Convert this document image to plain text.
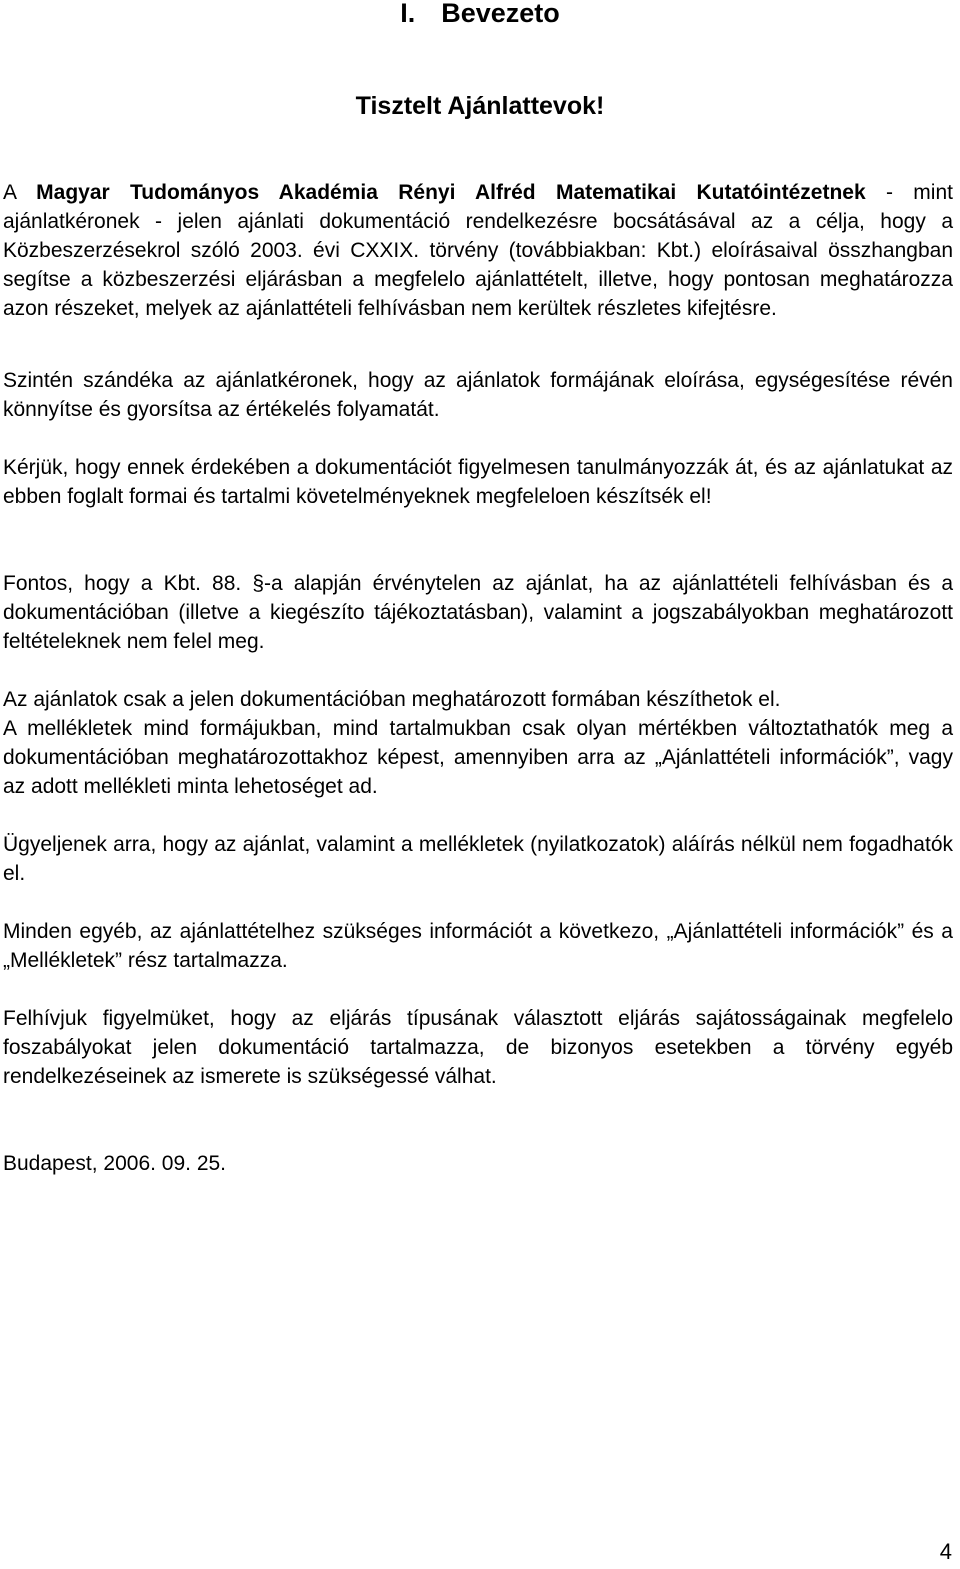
I. Bevezeto
Tisztelt Ajánlattevok!

A Magyar Tudományos Akadémia Rényi Alfréd Matematikai Kutatóintézetnek - mint ajánlatkéronek - jelen ajánlati dokumentáció rendelkezésre bocsátásával az a célja, hogy a Közbeszerzésekrol szóló 2003. évi CXXIX. törvény (továbbiakban: Kbt.) eloírásaival összhangban segítse a közbeszerzési eljárásban a megfelelo ajánlattételt, illetve, hogy pontosan meghatározza azon részeket, melyek az ajánlattételi felhívásban nem kerültek részletes kifejtésre.

Szintén szándéka az ajánlatkéronek, hogy az ajánlatok formájának eloírása, egységesítése révén könnyítse és gyorsítsa az értékelés folyamatát.

Kérjük, hogy ennek érdekében a dokumentációt figyelmesen tanulmányozzák át, és az ajánlatukat az ebben foglalt formai és tartalmi követelményeknek megfeleloen készítsék el!

Fontos, hogy a Kbt. 88. §-a alapján érvénytelen az ajánlat, ha az ajánlattételi felhívásban és a dokumentációban (illetve a kiegészíto tájékoztatásban), valamint a jogszabályokban meghatározott feltételeknek nem felel meg.

Az ajánlatok csak a jelen dokumentációban meghatározott formában készíthetok el.

A mellékletek mind formájukban, mind tartalmukban csak olyan mértékben változtathatók meg a dokumentációban meghatározottakhoz képest, amennyiben arra az „Ajánlattételi információk”, vagy az adott mellékleti minta lehetoséget ad.

Ügyeljenek arra, hogy az ajánlat, valamint a mellékletek (nyilatkozatok) aláírás nélkül nem fogadhatók el.

Minden egyéb, az ajánlattételhez szükséges információt a következo, „Ajánlattételi információk” és a „Mellékletek” rész tartalmazza.

Felhívjuk figyelmüket, hogy az eljárás típusának választott eljárás sajátosságainak megfelelo foszabályokat jelen dokumentáció tartalmazza, de bizonyos esetekben a törvény egyéb rendelkezéseinek az ismerete is szükségessé válhat.

Budapest, 2006. 09. 25.

4
